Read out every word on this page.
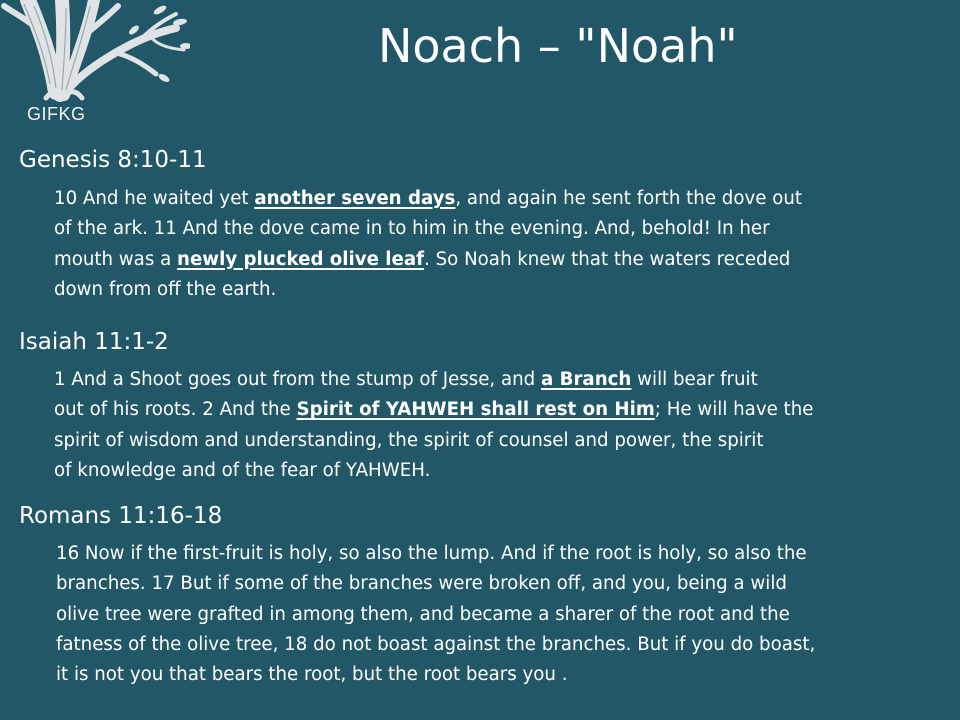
GIFKG
Noach – "Noah"
Genesis 8:10-11

10 And he waited yet another seven days, and again he sent forth the dove out
of the ark. 11 And the dove came in to him in the evening. And, behold! In her
mouth was a newly plucked olive leaf. So Noah knew that the waters receded
down from off the earth.

Isaiah 11:1-2

1 And a Shoot goes out from the stump of Jesse, and a Branch will bear fruit
out of his roots. 2 And the Spirit of YAHWEH shall rest on Him; He will have the
spirit of wisdom and understanding, the spirit of counsel and power, the spirit
of knowledge and of the fear of YAHWEH.

Romans 11:16-18

16 Now if the first-fruit is holy, so also the lump. And if the root is holy, so also the
branches. 17 But if some of the branches were broken off, and you, being a wild
olive tree were grafted in among them, and became a sharer of the root and the
fatness of the olive tree, 18 do not boast against the branches. But if you do boast,
it is not you that bears the root, but the root bears you .
